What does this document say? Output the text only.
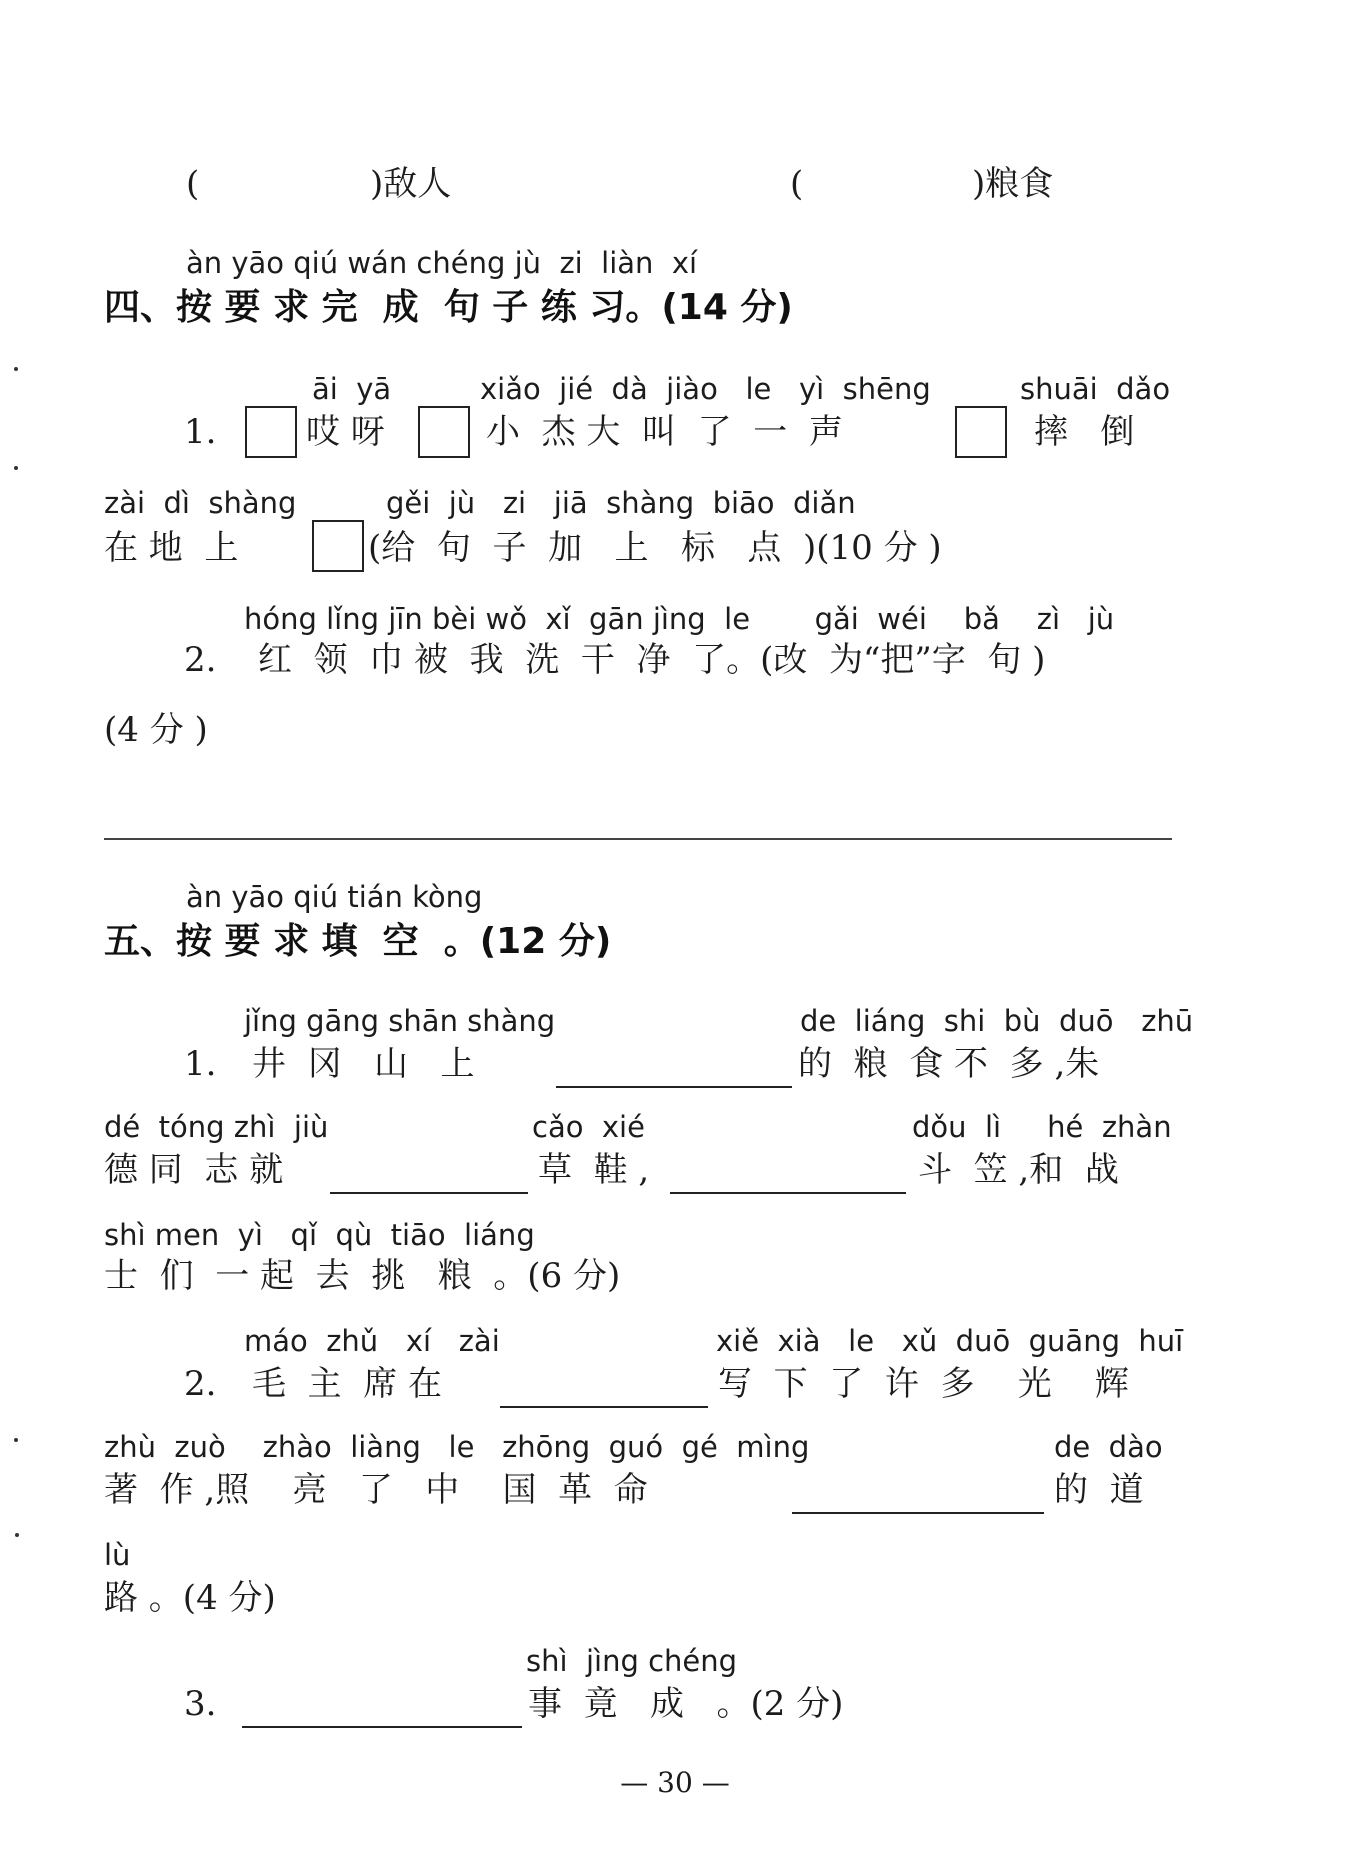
(	)敌人	(	)粮食
àn yāo qiú wán chéng jù  zi  liàn  xí
四、按 要 求 完  成  句 子 练 习。(14 分)
āi  yā	xiǎo  jié  dà  jiào   le   yì  shēng	shuāi  dǎo
1.	哎 呀	小  杰 大  叫  了  一  声	摔   倒
zài  dì  shàng	gěi  jù   zi   jiā  shàng  biāo  diǎn
在 地  上	(给  句  子  加   上   标   点  )(10 分 )
hóng lǐng jīn bèi wǒ  xǐ  gān jìng  le       gǎi  wéi    bǎ    zì   jù
2. 红  领  巾 被  我  洗  干  净  了。(改  为“把”字  句 )
(4 分 )
àn yāo qiú tián kòng
五、按 要 求 填  空  。(12 分)
jǐng gāng shān shàng	de  liáng  shi  bù  duō   zhū
1. 井  冈   山   上	的  粮  食 不  多 ,朱
dé  tóng zhì  jiù	cǎo  xié	dǒu  lì     hé  zhàn
德 同  志 就	草  鞋 ,	斗  笠 ,和  战
shì men  yì   qǐ  qù  tiāo  liáng
士  们  一 起  去  挑   粮  。(6 分)
máo  zhǔ   xí   zài	xiě  xià   le   xǔ  duō  guāng  huī
2. 毛  主  席 在	写  下  了  许  多    光    辉
zhù  zuò    zhào  liàng   le   zhōng  guó  gé  mìng	de  dào
著  作 ,照    亮   了   中    国  革  命	的  道
lù
路 。(4 分)
shì  jìng chéng
3.	事  竟   成   。(2 分)
— 30 —
